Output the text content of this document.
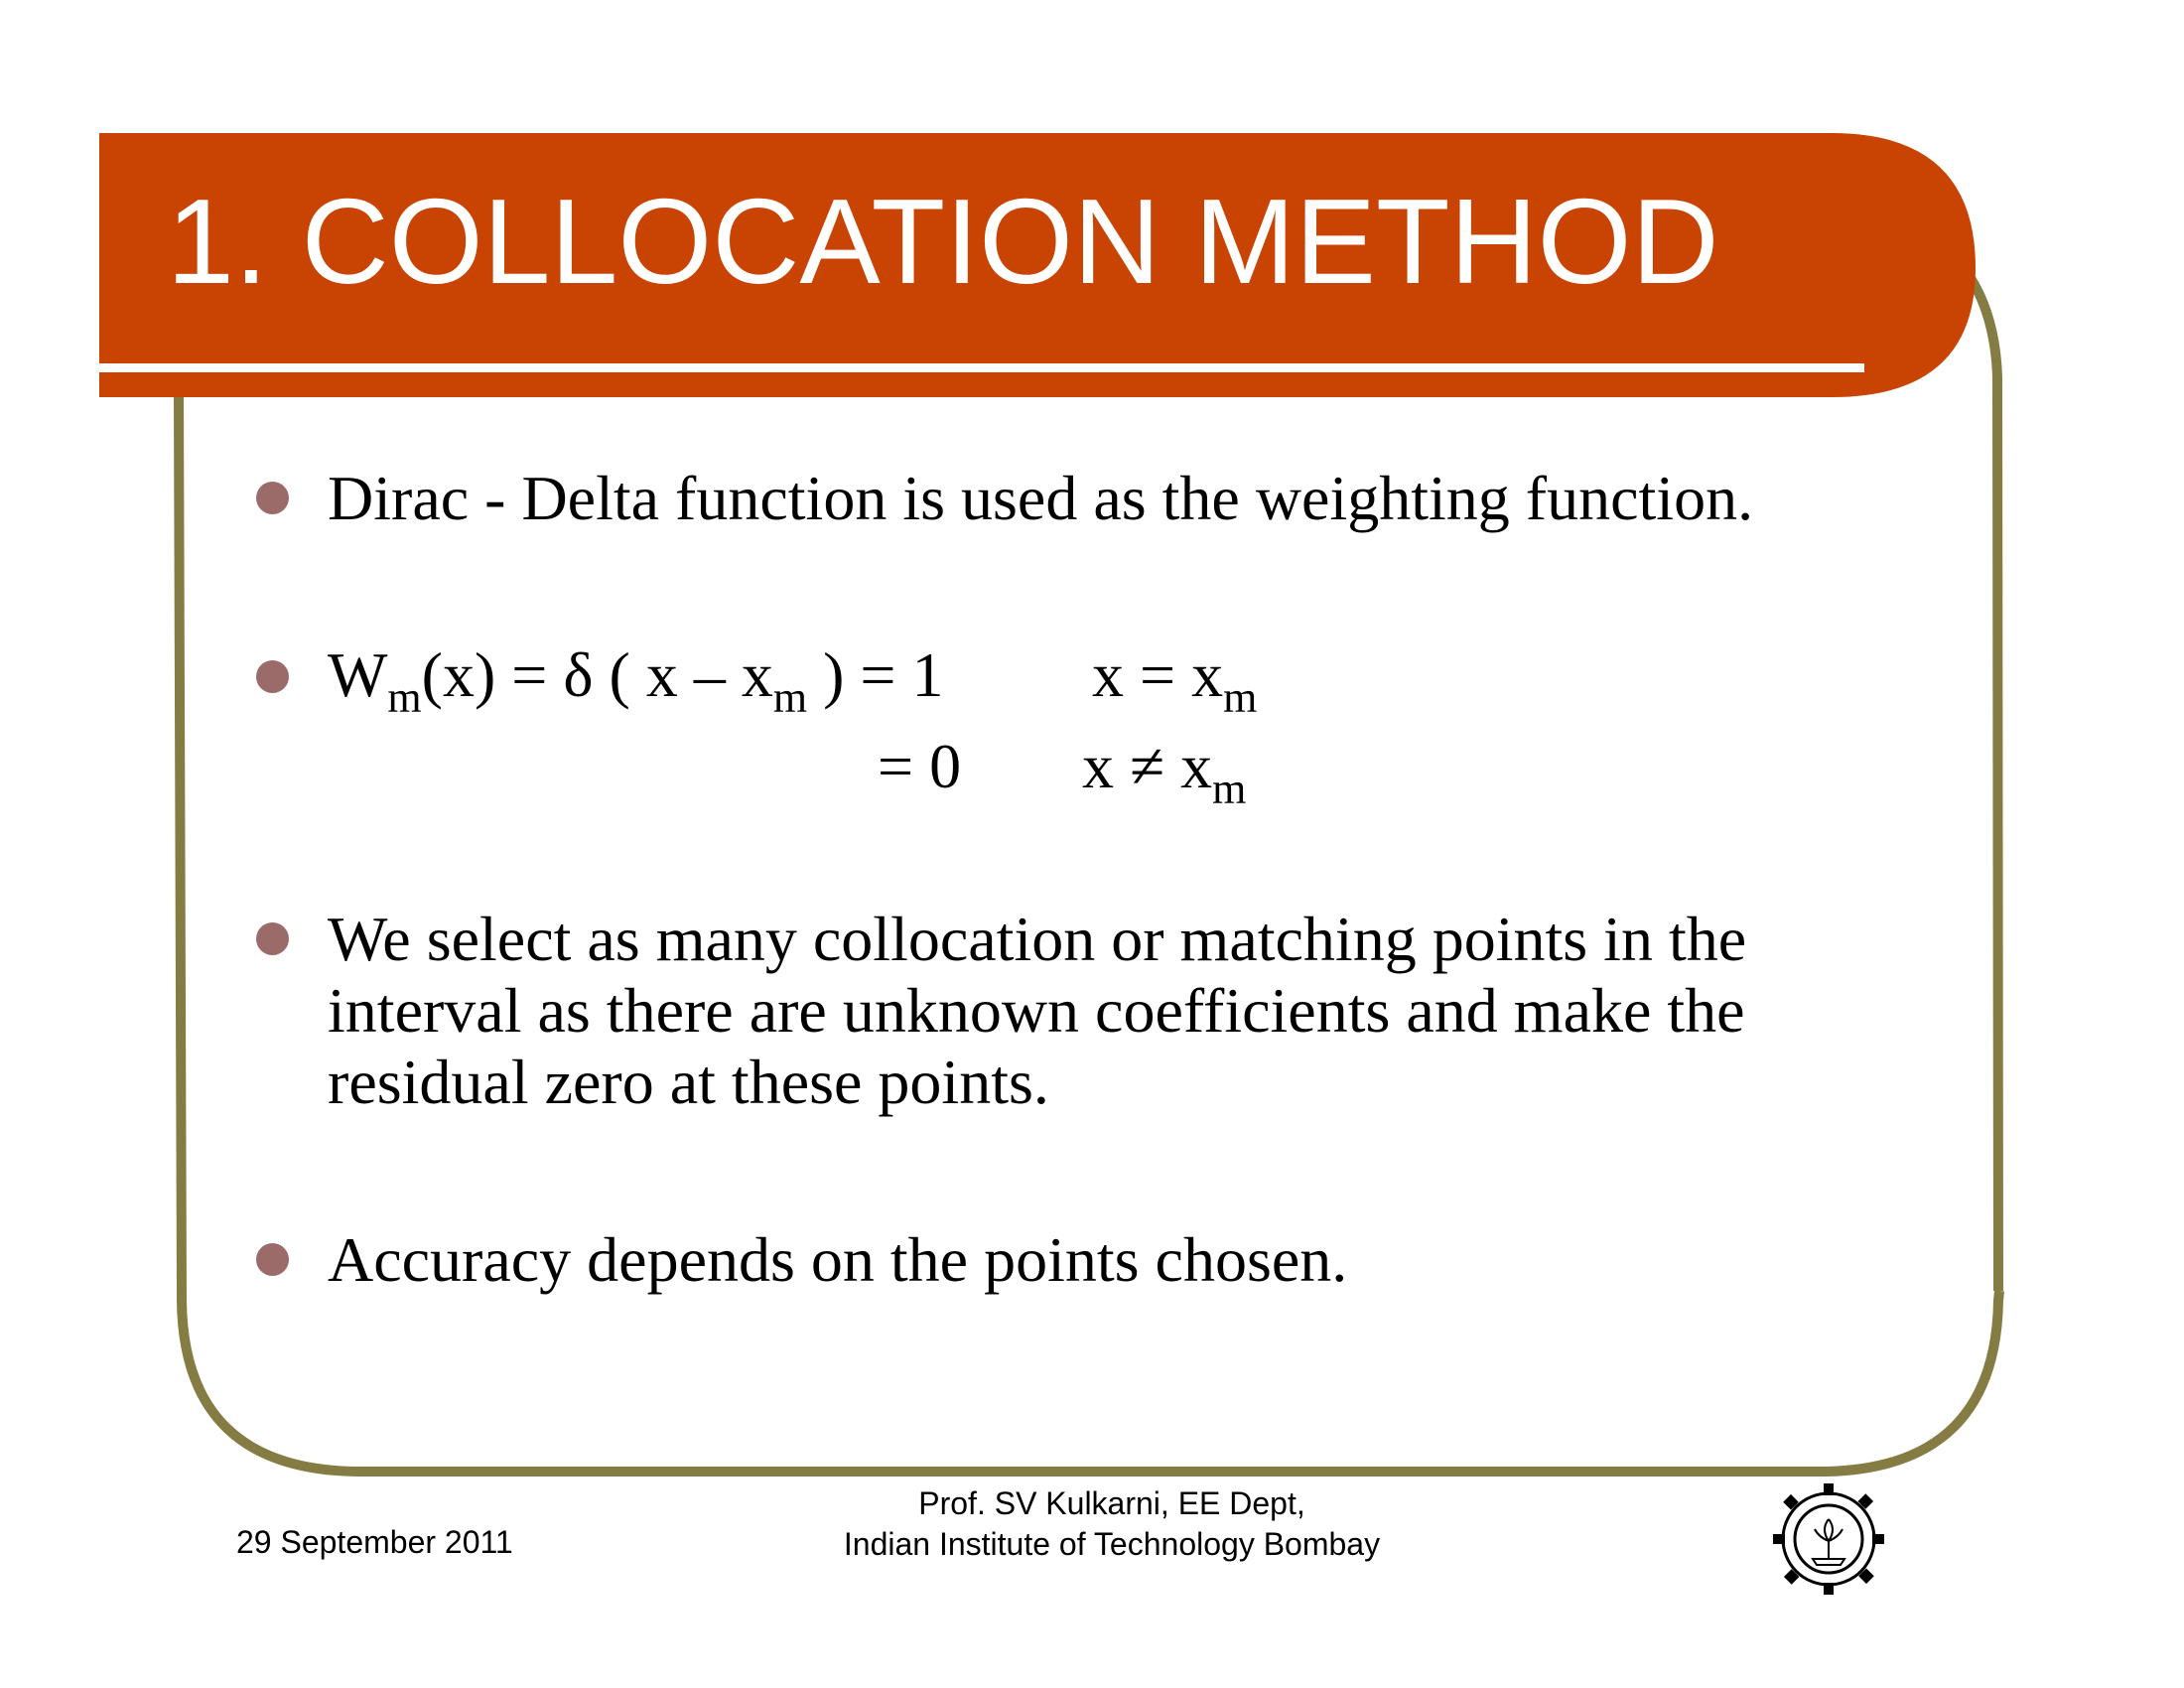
1. COLLOCATION METHOD
Dirac - Delta function is used as the weighting function.
$W_m(x) = \delta$ ( x – $x_m$ ) = 1 $x = x_m$
= 0 $x \ne x_m$
We select as many collocation or matching points in the
interval as there are unknown coefficients and make the
residual zero at these points.
Accuracy depends on the points chosen.
29 September 2011
Prof. SV Kulkarni, EE Dept,
Indian Institute of Technology Bombay
